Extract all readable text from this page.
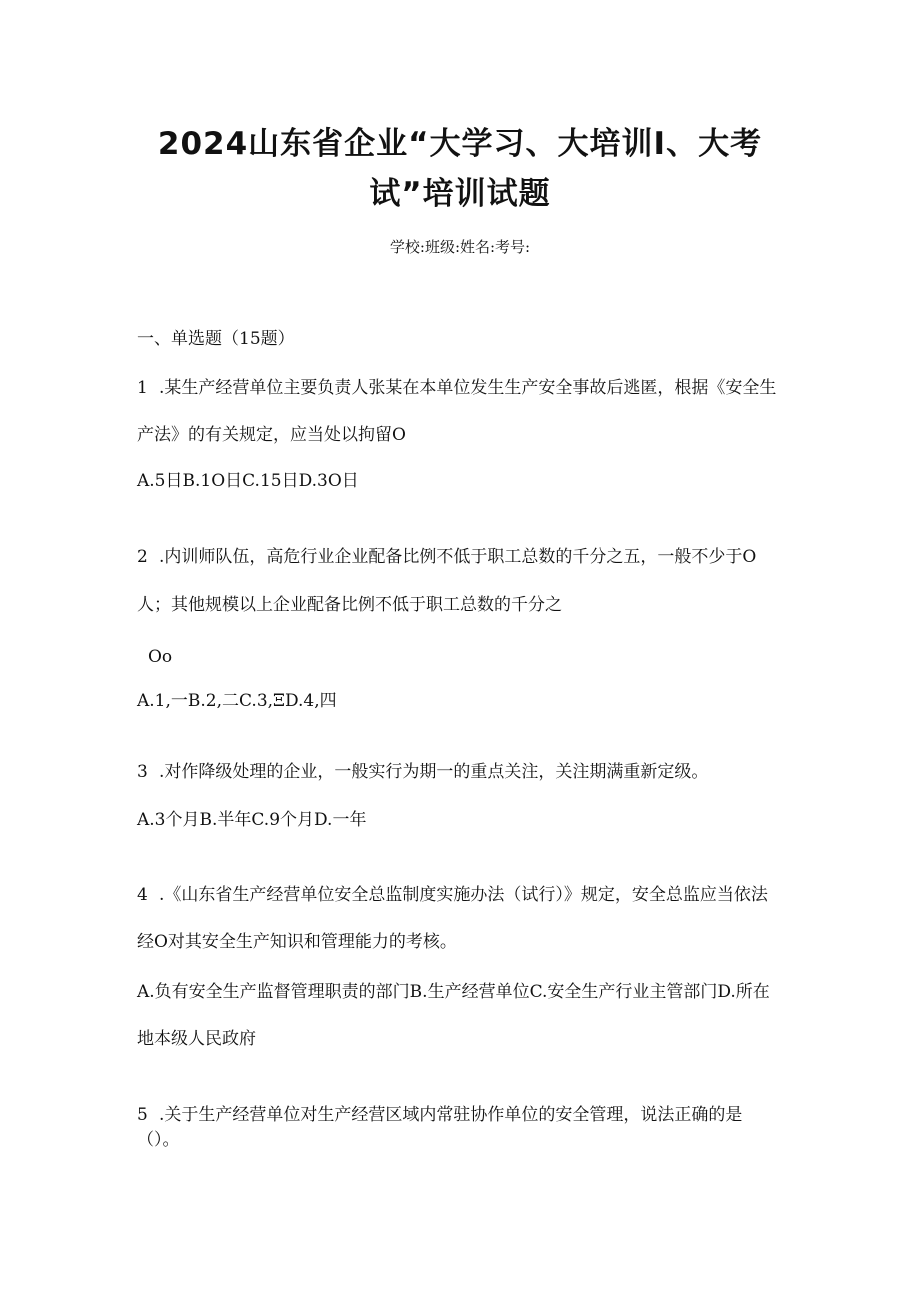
2024山东省企业“大学习、大培训I、大考
试”培训试题
学校:班级:姓名:考号:
一、单选题（15题）
1 .某生产经营单位主要负责人张某在本单位发生生产安全事故后逃匿，根据《安全生
产法》的有关规定，应当处以拘留O
A.5日B.1O日C.15日D.3O日
2 .内训师队伍，高危行业企业配备比例不低于职工总数的千分之五，一般不少于O
人；其他规模以上企业配备比例不低于职工总数的千分之
Oo
A.1,一B.2,二C.3,ΞD.4,四
3 .对作降级处理的企业，一般实行为期一的重点关注，关注期满重新定级。
A.3个月B.半年C.9个月D.一年
4 .《山东省生产经营单位安全总监制度实施办法（试行）》规定，安全总监应当依法
经O对其安全生产知识和管理能力的考核。
A.负有安全生产监督管理职责的部门B.生产经营单位C.安全生产行业主管部门D.所在
地本级人民政府
5 .关于生产经营单位对生产经营区域内常驻协作单位的安全管理，说法正确的是
（）。
